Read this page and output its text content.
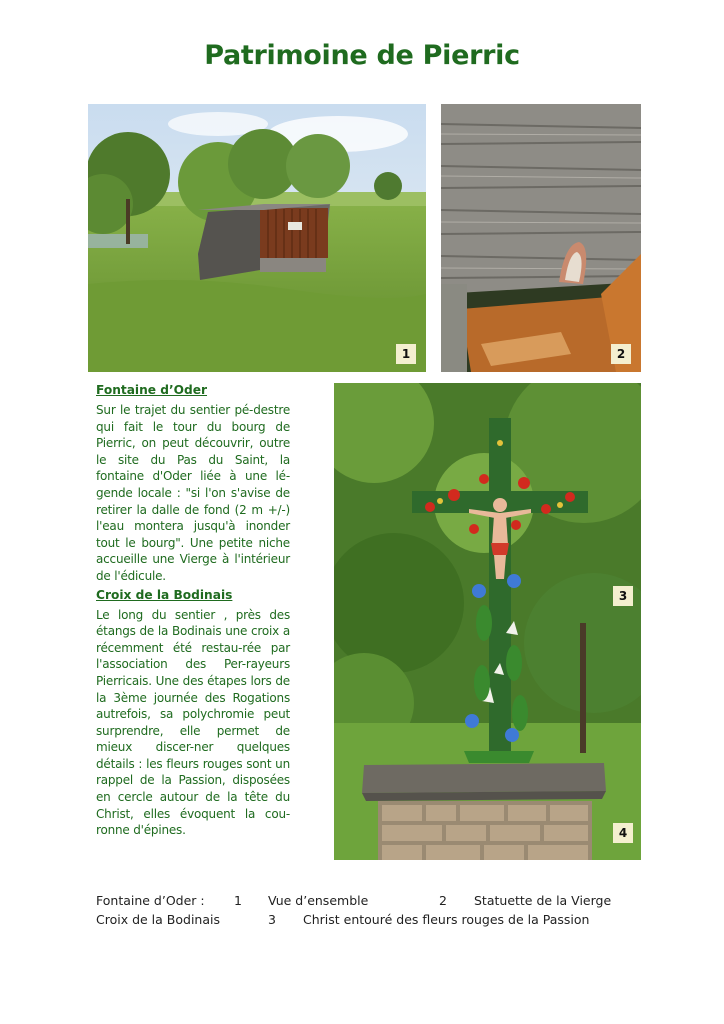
Patrimoine de Pierric
1	2
3
4
Fontaine d’Oder

Sur le trajet du sentier pé-destre qui fait le tour du bourg de Pierric, on peut découvrir, outre le site du Pas du Saint, la fontaine d'Oder liée à une lé-gende locale : "si l'on s'avise de retirer la dalle de fond (2 m +/-) l'eau montera jusqu'à inonder tout le bourg". Une petite niche accueille une Vierge à l'intérieur de l'édicule.

Croix de la Bodinais

Le long du sentier , près des étangs de la Bodinais une croix a récemment été restau-rée par l'association des Per-rayeurs Pierricais. Une des étapes lors de la 3ème journée des Rogations autrefois, sa polychromie peut surprendre, elle permet de mieux discer-ner quelques détails : les fleurs rouges sont un rappel de la Passion, disposées en cercle autour de la tête du Christ, elles évoquent la cou-ronne d'épines.

Fontaine d’Oder : 1 Vue d’ensemble	2 Statuette de la Vierge
Croix de la Bodinais	3 Christ entouré des fleurs rouges de la Passion
